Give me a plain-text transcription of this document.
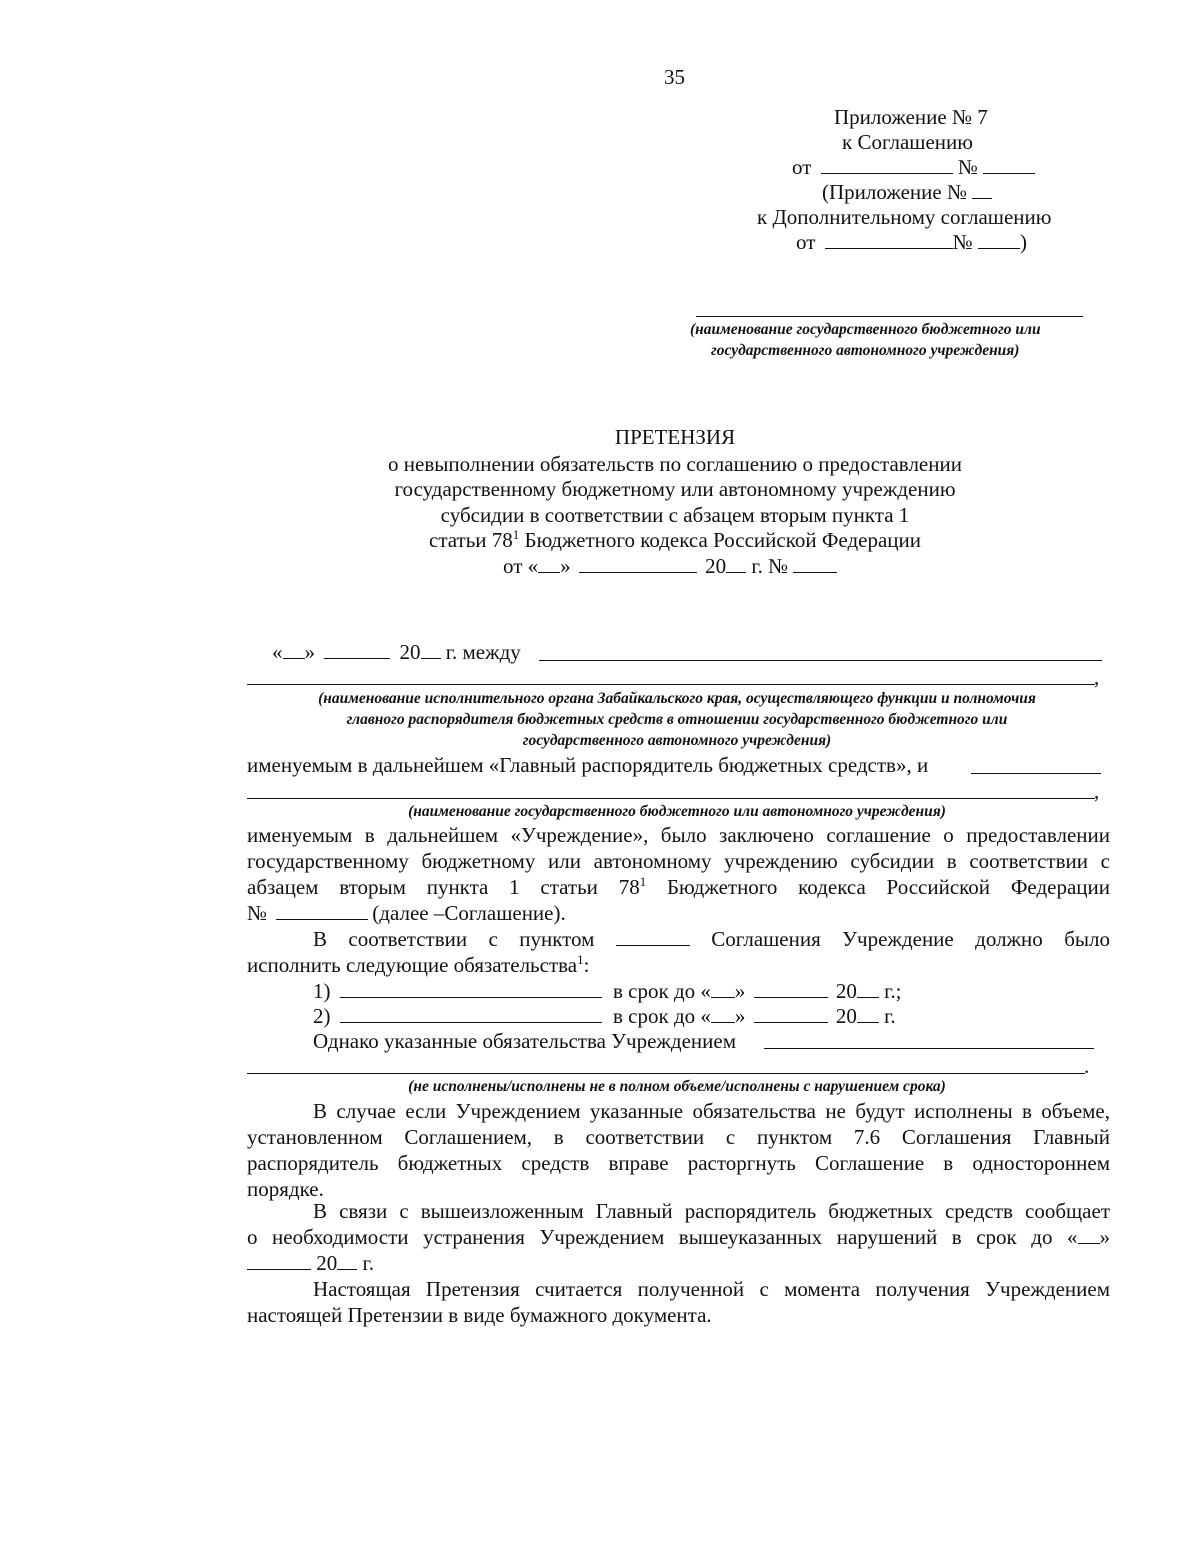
35
Приложение № 7
к Соглашению
от	№
(Приложение №
к Дополнительному соглашению
от	№ )
(наименование государственного бюджетного или
государственного автономного учреждения)
ПРЕТЕНЗИЯ
о невыполнении обязательств по соглашению о предоставлении
государственному бюджетному или автономному учреждению
субсидии в соответствии с абзацем вторым пункта 1
статьи $78^1$ Бюджетного кодекса Российской Федерации
от « »	20 г. №
« »	20 г. между
,
(наименование исполнительного органа Забайкальского края, осуществляющего функции и полномочия
главного распорядителя бюджетных средств в отношении государственного бюджетного или
государственного автономного учреждения)
именуемым в дальнейшем «Главный распорядитель бюджетных средств», и
,
(наименование государственного бюджетного или автономного учреждения)
именуемым в дальнейшем «Учреждение», было заключено соглашение о предоставлении
государственному бюджетному или автономному учреждению субсидии в соответствии с
абзацем вторым пункта 1 статьи $78^1$ Бюджетного кодекса Российской Федерации
№	(далее –Соглашение).
В соответствии с пунктом	Соглашения Учреждение должно было
исполнить следующие обязательства$^1$:
1)	в срок до « »	20 г.;
2)	в срок до « »	20 г.
Однако указанные обязательства Учреждением
.
(не исполнены/исполнены не в полном объеме/исполнены с нарушением срока)
В случае если Учреждением указанные обязательства не будут исполнены в объеме,
установленном Соглашением, в соответствии с пунктом 7.6 Соглашения Главный
распорядитель бюджетных средств вправе расторгнуть Соглашение в одностороннем
порядке.
В связи с вышеизложенным Главный распорядитель бюджетных средств сообщает
о необходимости устранения Учреждением вышеуказанных нарушений в срок до « »
20 г.
Настоящая Претензия считается полученной с момента получения Учреждением
настоящей Претензии в виде бумажного документа.
